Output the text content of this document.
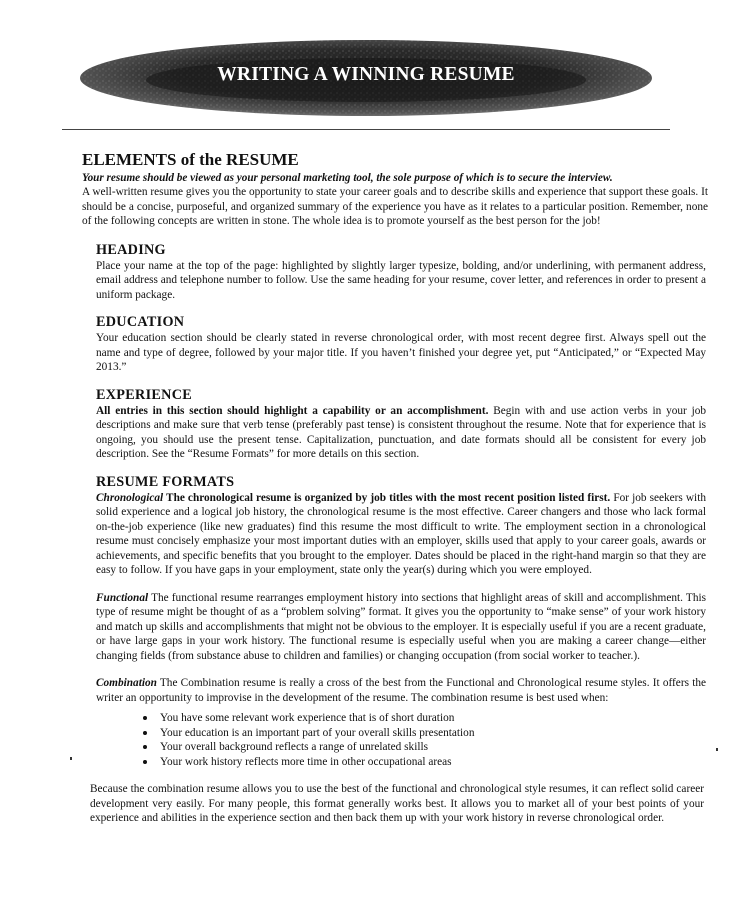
WRITING A WINNING RESUME
ELEMENTS of the RESUME
Your resume should be viewed as your personal marketing tool, the sole purpose of which is to secure the interview.

A well-written resume gives you the opportunity to state your career goals and to describe skills and experience that support these goals. It should be a concise, purposeful, and organized summary of the experience you have as it relates to a particular position. Remember, none of the following concepts are written in stone. The whole idea is to promote yourself as the best person for the job!

HEADING

Place your name at the top of the page: highlighted by slightly larger typesize, bolding, and/or underlining, with permanent address, email address and telephone number to follow. Use the same heading for your resume, cover letter, and references in order to present a uniform package.

EDUCATION

Your education section should be clearly stated in reverse chronological order, with most recent degree first. Always spell out the name and type of degree, followed by your major title. If you haven’t finished your degree yet, put “Anticipated,” or “Expected May 2013.”

EXPERIENCE

All entries in this section should highlight a capability or an accomplishment. Begin with and use action verbs in your job descriptions and make sure that verb tense (preferably past tense) is consistent throughout the resume. Note that for experience that is ongoing, you should use the present tense. Capitalization, punctuation, and date formats should all be consistent for every job description. See the “Resume Formats” for more details on this section.

RESUME FORMATS

Chronological The chronological resume is organized by job titles with the most recent position listed first. For job seekers with solid experience and a logical job history, the chronological resume is the most effective. Career changers and those who lack formal on-the-job experience (like new graduates) find this resume the most difficult to write. The employment section in a chronological resume must concisely emphasize your most important duties with an employer, skills used that apply to your career goals, awards or achievements, and specific benefits that you brought to the employer. Dates should be placed in the right-hand margin so that they are easy to follow. If you have gaps in your employment, state only the year(s) during which you were employed.

Functional The functional resume rearranges employment history into sections that highlight areas of skill and accomplishment. This type of resume might be thought of as a “problem solving” format. It gives you the opportunity to “make sense” of your work history and match up skills and accomplishments that might not be obvious to the employer. It is especially useful if you are a recent graduate, or have large gaps in your work history. The functional resume is especially useful when you are making a career change—either changing fields (from substance abuse to children and families) or changing occupation (from social worker to teacher.).

Combination The Combination resume is really a cross of the best from the Functional and Chronological resume styles. It offers the writer an opportunity to improvise in the development of the resume. The combination resume is best used when:

You have some relevant work experience that is of short duration
Your education is an important part of your overall skills presentation
Your overall background reflects a range of unrelated skills
Your work history reflects more time in other occupational areas

Because the combination resume allows you to use the best of the functional and chronological style resumes, it can reflect solid career development very easily. For many people, this format generally works best. It allows you to market all of your best points of your experience and abilities in the experience section and then back them up with your work history in reverse chronological order.
